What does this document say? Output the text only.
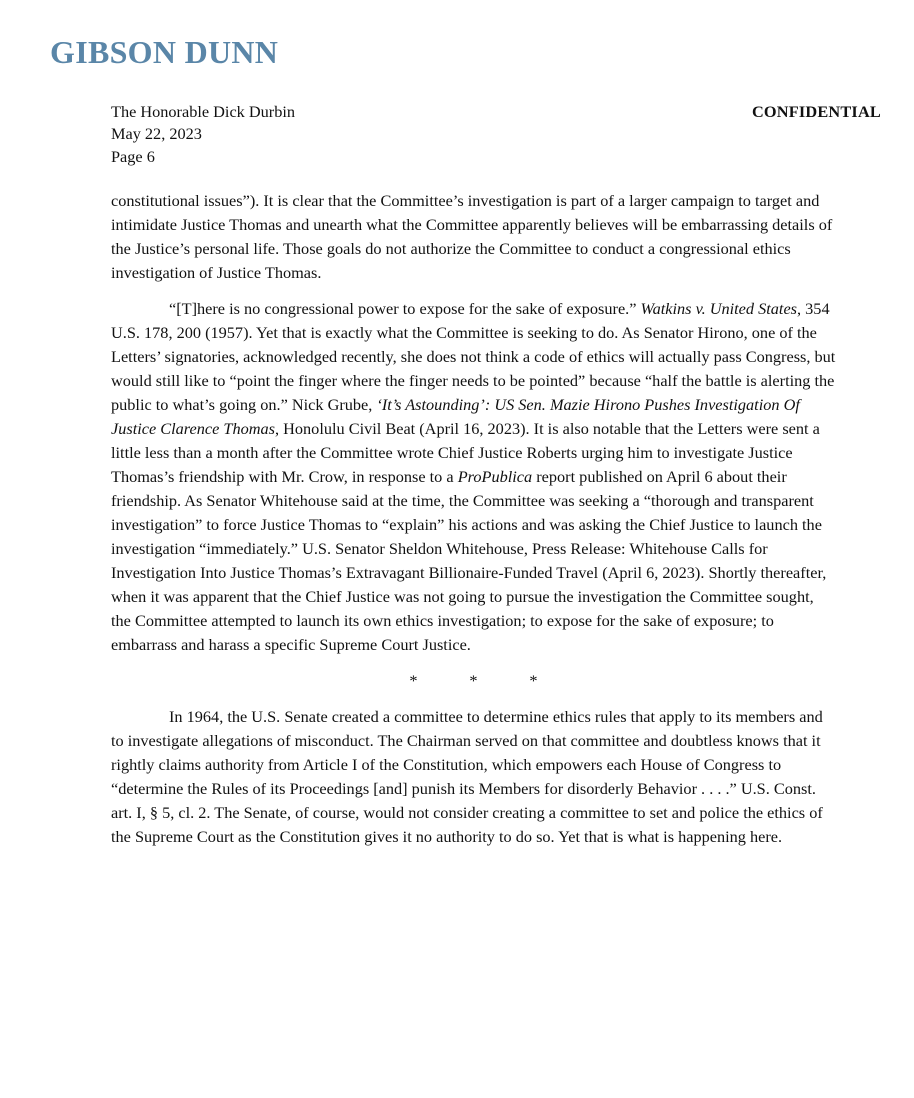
GIBSON DUNN
The Honorable Dick Durbin
May 22, 2023
Page 6
CONFIDENTIAL

constitutional issues”). It is clear that the Committee’s investigation is part of a larger campaign to target and intimidate Justice Thomas and unearth what the Committee apparently believes will be embarrassing details of the Justice’s personal life. Those goals do not authorize the Committee to conduct a congressional ethics investigation of Justice Thomas.

“[T]here is no congressional power to expose for the sake of exposure.” Watkins v. United States, 354 U.S. 178, 200 (1957). Yet that is exactly what the Committee is seeking to do. As Senator Hirono, one of the Letters’ signatories, acknowledged recently, she does not think a code of ethics will actually pass Congress, but would still like to “point the finger where the finger needs to be pointed” because “half the battle is alerting the public to what’s going on.” Nick Grube, ‘It’s Astounding’: US Sen. Mazie Hirono Pushes Investigation Of Justice Clarence Thomas, Honolulu Civil Beat (April 16, 2023). It is also notable that the Letters were sent a little less than a month after the Committee wrote Chief Justice Roberts urging him to investigate Justice Thomas’s friendship with Mr. Crow, in response to a ProPublica report published on April 6 about their friendship. As Senator Whitehouse said at the time, the Committee was seeking a “thorough and transparent investigation” to force Justice Thomas to “explain” his actions and was asking the Chief Justice to launch the investigation “immediately.” U.S. Senator Sheldon Whitehouse, Press Release: Whitehouse Calls for Investigation Into Justice Thomas’s Extravagant Billionaire-Funded Travel (April 6, 2023). Shortly thereafter, when it was apparent that the Chief Justice was not going to pursue the investigation the Committee sought, the Committee attempted to launch its own ethics investigation; to expose for the sake of exposure; to embarrass and harass a specific Supreme Court Justice.

*	*	*

In 1964, the U.S. Senate created a committee to determine ethics rules that apply to its members and to investigate allegations of misconduct. The Chairman served on that committee and doubtless knows that it rightly claims authority from Article I of the Constitution, which empowers each House of Congress to “determine the Rules of its Proceedings [and] punish its Members for disorderly Behavior . . . .” U.S. Const. art. I, § 5, cl. 2. The Senate, of course, would not consider creating a committee to set and police the ethics of the Supreme Court as the Constitution gives it no authority to do so. Yet that is what is happening here.
